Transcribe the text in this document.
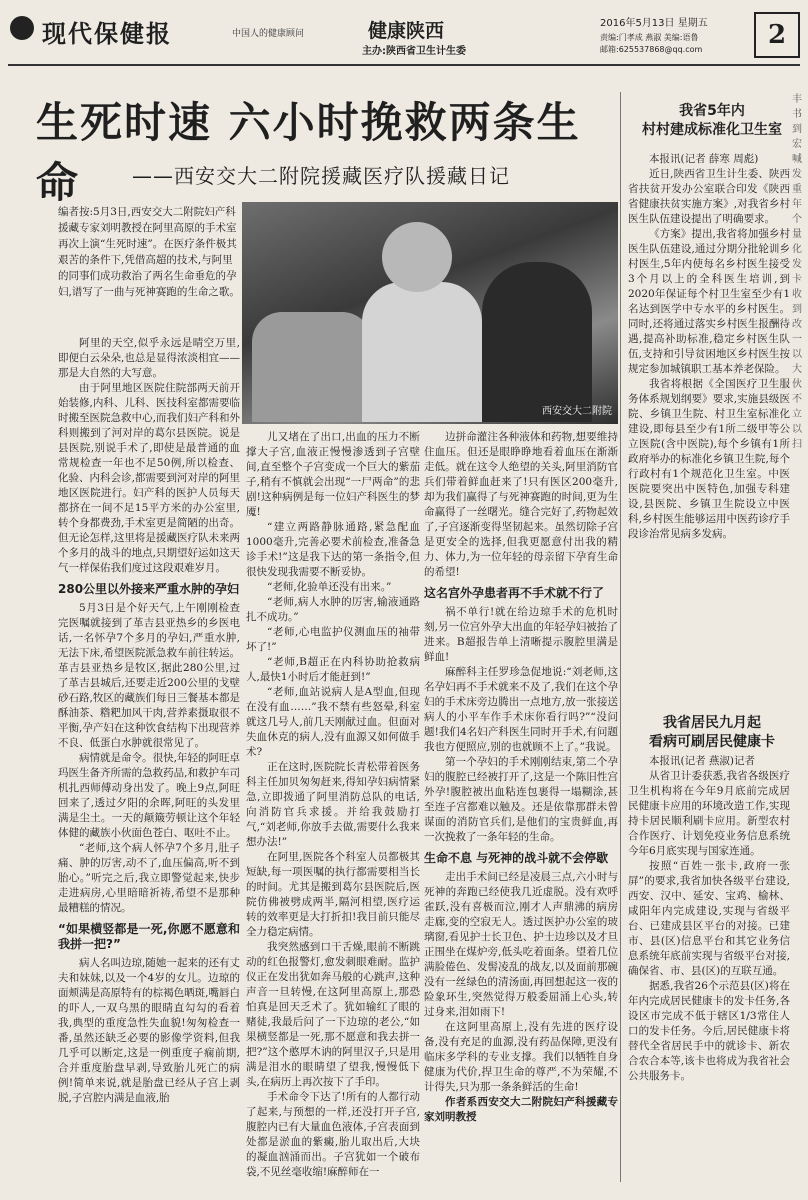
现代保健报	中国人的健康顾问	健康陕西
主办:陕西省卫生计生委
2016年5月13日 星期五
责编:门孝成 燕淑 美编:语鲁
邮箱:625537868@qq.com	2
生死时速 六小时挽救两条生命	——西安交大二附院援藏医疗队援藏日记
编者按:5月3日,西安交大二附院妇产科援藏专家刘明教授在阿里高原的手术室再次上演“生死时速”。在医疗条件极其艰苦的条件下,凭借高超的技术,与阿里的同事们成功救治了两名生命垂危的孕妇,谱写了一曲与死神赛跑的生命之歌。
西安交大二附院

阿里的天空,似乎永远是晴空万里,即便白云朵朵,也总是显得浓淡相宜——那是大自然的大写意。

由于阿里地区医院住院部两天前开始装修,内科、儿科、医技科室都需要临时搬至医院急救中心,而我们妇产科和外科则搬到了河对岸的葛尔县医院。说是县医院,别说手术了,即使是最普通的血常规检查一年也不足50例,所以检查、化验、内科会诊,都需要到河对岸的阿里地区医院进行。妇产科的医护人员每天都挤在一间不足15平方米的办公室里,转个身都费劲,手术室更是简陋的出奇。但无论怎样,这里将是援藏医疗队未来两个多月的战斗的地点,只期望好运如这天气一样保佑我们度过这段艰难岁月。

280公里以外接来严重水肿的孕妇

5月3日是个好天气,上午刚刚检查完医嘱就接到了革吉县亚热乡的乡医电话,一名怀孕7个多月的孕妇,严重水肿,无法下床,希望医院派急救车前往转运。革吉县亚热乡是牧区,据此280公里,过了革吉县城后,还要走近200公里的戈壁砂石路,牧区的藏族们每日三餐基本都是酥油茶、糌粑加风干肉,营养素摄取很不平衡,孕产妇在这种饮食结构下出现营养不良、低蛋白水肿就很常见了。

病情就是命令。很快,年轻的阿旺卓玛医生备齐所需的急救药品,和救护车司机扎西师傅动身出发了。晚上9点,阿旺回来了,透过夕阳的余晖,阿旺的头发里满是尘土。一天的颠簸劳顿让这个年轻体健的藏族小伙面色苍白、呕吐不止。

“老师,这个病人怀孕7个多月,肚子痛、肿的厉害,动不了,血压偏高,听不到胎心。”听完之后,我立即警觉起来,快步走进病房,心里暗暗祈祷,希望不是那种最糟糕的情况。

“如果横竖都是一死,你愿不愿意和我拼一把?”

病人名叫边琼,随她一起来的还有丈夫和妹妹,以及一个4岁的女儿。边琼的面颊满是高原特有的棕褐色晒斑,嘴唇白的吓人,一双乌黑的眼睛直勾勾的看着我,典型的重度急性失血貌!匆匆检查一番,虽然还缺乏必要的影像学资料,但我几乎可以断定,这是一例重度子痫前期,合并重度胎盘早剥,导致胎儿死亡的病例!简单来说,就是胎盘已经从子宫上剥脱,子宫腔内满是血液,胎

儿又堵在了出口,出血的压力不断撑大子宫,血液正慢慢渗透到子宫壁间,直至整个子宫变成一个巨大的紫茄子,稍有不慎就会出现“一尸两命”的悲剧!这种病例是每一位妇产科医生的梦魇!

“建立两路静脉通路,紧急配血1000毫升,完善必要术前检查,准备急诊手术!”这是我下达的第一条指令,但很快发现我需要不断妥协。

“老师,化验单还没有出来。”

“老师,病人水肿的厉害,输液通路扎不成功。”

“老师,心电监护仪测血压的袖带坏了!”

“老师,B超正在内科协助抢救病人,最快1小时后才能赶到!”

“老师,血站说病人是A型血,但现在没有血……”我不禁有些怒晕,科室就这几号人,前几天刚献过血。但面对失血休克的病人,没有血源又如何做手术?

正在这时,医院院长青松带着医务科主任加贝匆匆赶来,得知孕妇病情紧急,立即拨通了阿里消防总队的电话,向消防官兵求援。并给我鼓励打气,“刘老师,你放手去做,需要什么我来想办法!”

在阿里,医院各个科室人员都极其短缺,每一项医嘱的执行都需要相当长的时间。尤其是搬到葛尔县医院后,医院仿佛被劈成两半,隔河相望,医疗运转的效率更是大打折扣!我目前只能尽全力稳定病情。

我突然感到口干舌燥,眼前不断跳动的红色报警灯,愈发刺眼难耐。监护仪正在发出犹如奔马般的心跳声,这种声音一旦转慢,在这阿里高原上,那恐怕真是回天乏术了。犹如输红了眼的赌徒,我最后问了一下边琼的老公,“如果横竖都是一死,那不愿意和我去拼一把?”这个憨厚木讷的阿里汉子,只是用满是泪水的眼睛望了望我,慢慢低下头,在病历上再次按下了手印。

手术命令下达了!所有的人都行动了起来,与预想的一样,还没打开子宫,腹腔内已有大量血色液体,子宫表面到处都是淤血的紫癜,胎儿取出后,大块的凝血汹涌而出。子宫犹如一个破布袋,不见丝毫收缩!麻醉师在一

边拼命灌注各种液体和药物,想要维持住血压。但还是眼睁睁地看着血压在渐渐走低。就在这令人绝望的关头,阿里消防官兵们带着鲜血赶来了!只有医区200毫升,却为我们赢得了与死神赛跑的时间,更为生命赢得了一丝曙光。缝合完好了,药物起效了,子宫逐渐变得坚韧起来。虽然切除子宫是更安全的选择,但我更愿意付出我的精力、体力,为一位年轻的母亲留下孕育生命的希望!

这名宫外孕患者再不手术就不行了

祸不单行!就在给边琼手术的危机时刻,另一位宫外孕大出血的年轻孕妇被抬了进来。B超报告单上清晰提示腹腔里满是鲜血!

麻醉科主任罗珍急促地说:“刘老师,这名孕妇再不手术就来不及了,我们在这个孕妇的手术床旁边腾出一点地方,放一张接送病人的小平车作手术床你看行吗?”“没问题!我们4名妇产科医生同时开手术,有问题我也方便照应,别的也就顾不上了。”我说。

第一个孕妇的手术刚刚结束,第二个孕妇的腹腔已经被打开了,这是一个陈旧性宫外孕!腹腔被出血粘连包裹得一塌糊涂,甚至连子宫都难以触及。还是依靠那群未曾谋面的消防官兵们,是他们的宝贵鲜血,再一次挽救了一条年轻的生命。

生命不息 与死神的战斗就不会停歇

走出手术间已经是凌晨三点,六小时与死神的奔跑已经使我几近虚脱。没有欢呼雀跃,没有喜极而泣,刚才人声鼎沸的病房走廊,变的空寂无人。透过医护办公室的玻璃窗,看见护士长卫色、护士边珍以及才旦正围坐在煤炉旁,低头吃着面条。望着几位满脸倦色、发髻凌乱的战友,以及面前那碗没有一丝绿色的清汤面,再回想起这一夜的险象环生,突然觉得万般委屈涌上心头,转过身来,泪如雨下!

在这阿里高原上,没有先进的医疗设备,没有充足的血源,没有药品保障,更没有临床多学科的专业支撑。我们以牺牲自身健康为代价,捍卫生命的尊严,不为荣耀,不计得失,只为那一条条鲜活的生命!

作者系西安交大二附院妇产科援藏专家刘明教授

我省5年内
村村建成标准化卫生室

本报讯(记者 薛寒 周彪)

近日,陕西省卫生计生委、陕西省扶贫开发办公室联合印发《陕西省健康扶贫实施方案》,对我省乡村医生队伍建设提出了明确要求。

《方案》提出,我省将加强乡村医生队伍建设,通过分期分批轮训乡村医生,5年内使每名乡村医生接受3个月以上的全科医生培训,到2020年保证每个村卫生室至少有1名达到医学中专水平的乡村医生。同时,还将通过落实乡村医生报酬待遇,提高补助标准,稳定乡村医生队伍,支持和引导贫困地区乡村医生按规定参加城镇职工基本养老保险。

我省将根据《全国医疗卫生服务体系规划纲要》要求,实施县级医院、乡镇卫生院、村卫生室标准化建设,即每县至少有1所二级甲等公立医院(含中医院),每个乡镇有1所政府举办的标准化乡镇卫生院,每个行政村有1个规范化卫生室。中医医院要突出中医特色,加强专科建设,县医院、乡镇卫生院设立中医科,乡村医生能够运用中医药诊疗手段诊治常见病多发病。

我省居民九月起
看病可刷居民健康卡

本报讯(记者 燕淑)记者

从省卫计委获悉,我省各级医疗卫生机构将在今年9月底前完成居民健康卡应用的环境改造工作,实现持卡居民顺利刷卡应用。新型农村合作医疗、计划免疫业务信息系统今年6月底实现与国家连通。

按照“百姓一张卡,政府一张屏”的要求,我省加快各级平台建设,西安、汉中、延安、宝鸡、榆林、咸阳年内完成建设,实现与省级平台、已建成县区平台的对接。已建市、县(区)信息平台和其它业务信息系统年底前实现与省级平台对接,确保省、市、县(区)的互联互通。

据悉,我省26个示范县(区)将在年内完成居民健康卡的发卡任务,各设区市完成不低于辖区1/3常住人口的发卡任务。今后,居民健康卡将替代全省居民手中的就诊卡、新农合农合本等,该卡也将成为我省社会公共服务卡。

丰书到宏喊发重年个量化发卡收到改 一以大伙不立以扫
